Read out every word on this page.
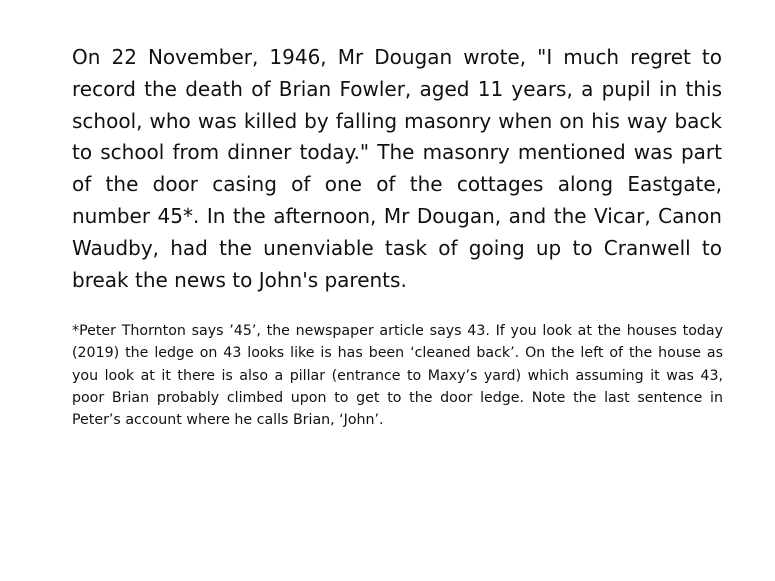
On 22 November, 1946, Mr Dougan wrote, "I much regret to record the death of Brian Fowler, aged 11 years, a pupil in this school, who was killed by falling masonry when on his way back to school from dinner today." The masonry mentioned was part of the door casing of one of the cottages along Eastgate, number 45*. In the afternoon, Mr Dougan, and the Vicar, Canon Waudby, had the unenviable task of going up to Cranwell to break the news to John's parents.

*Peter Thornton says ’45’, the newspaper article says 43. If you look at the houses today (2019) the ledge on 43 looks like is has been ‘cleaned back’. On the left of the house as you look at it there is also a pillar (entrance to Maxy’s yard) which assuming it was 43, poor Brian probably climbed upon to get to the door ledge. Note the last sentence in Peter’s account where he calls Brian, ‘John’.
